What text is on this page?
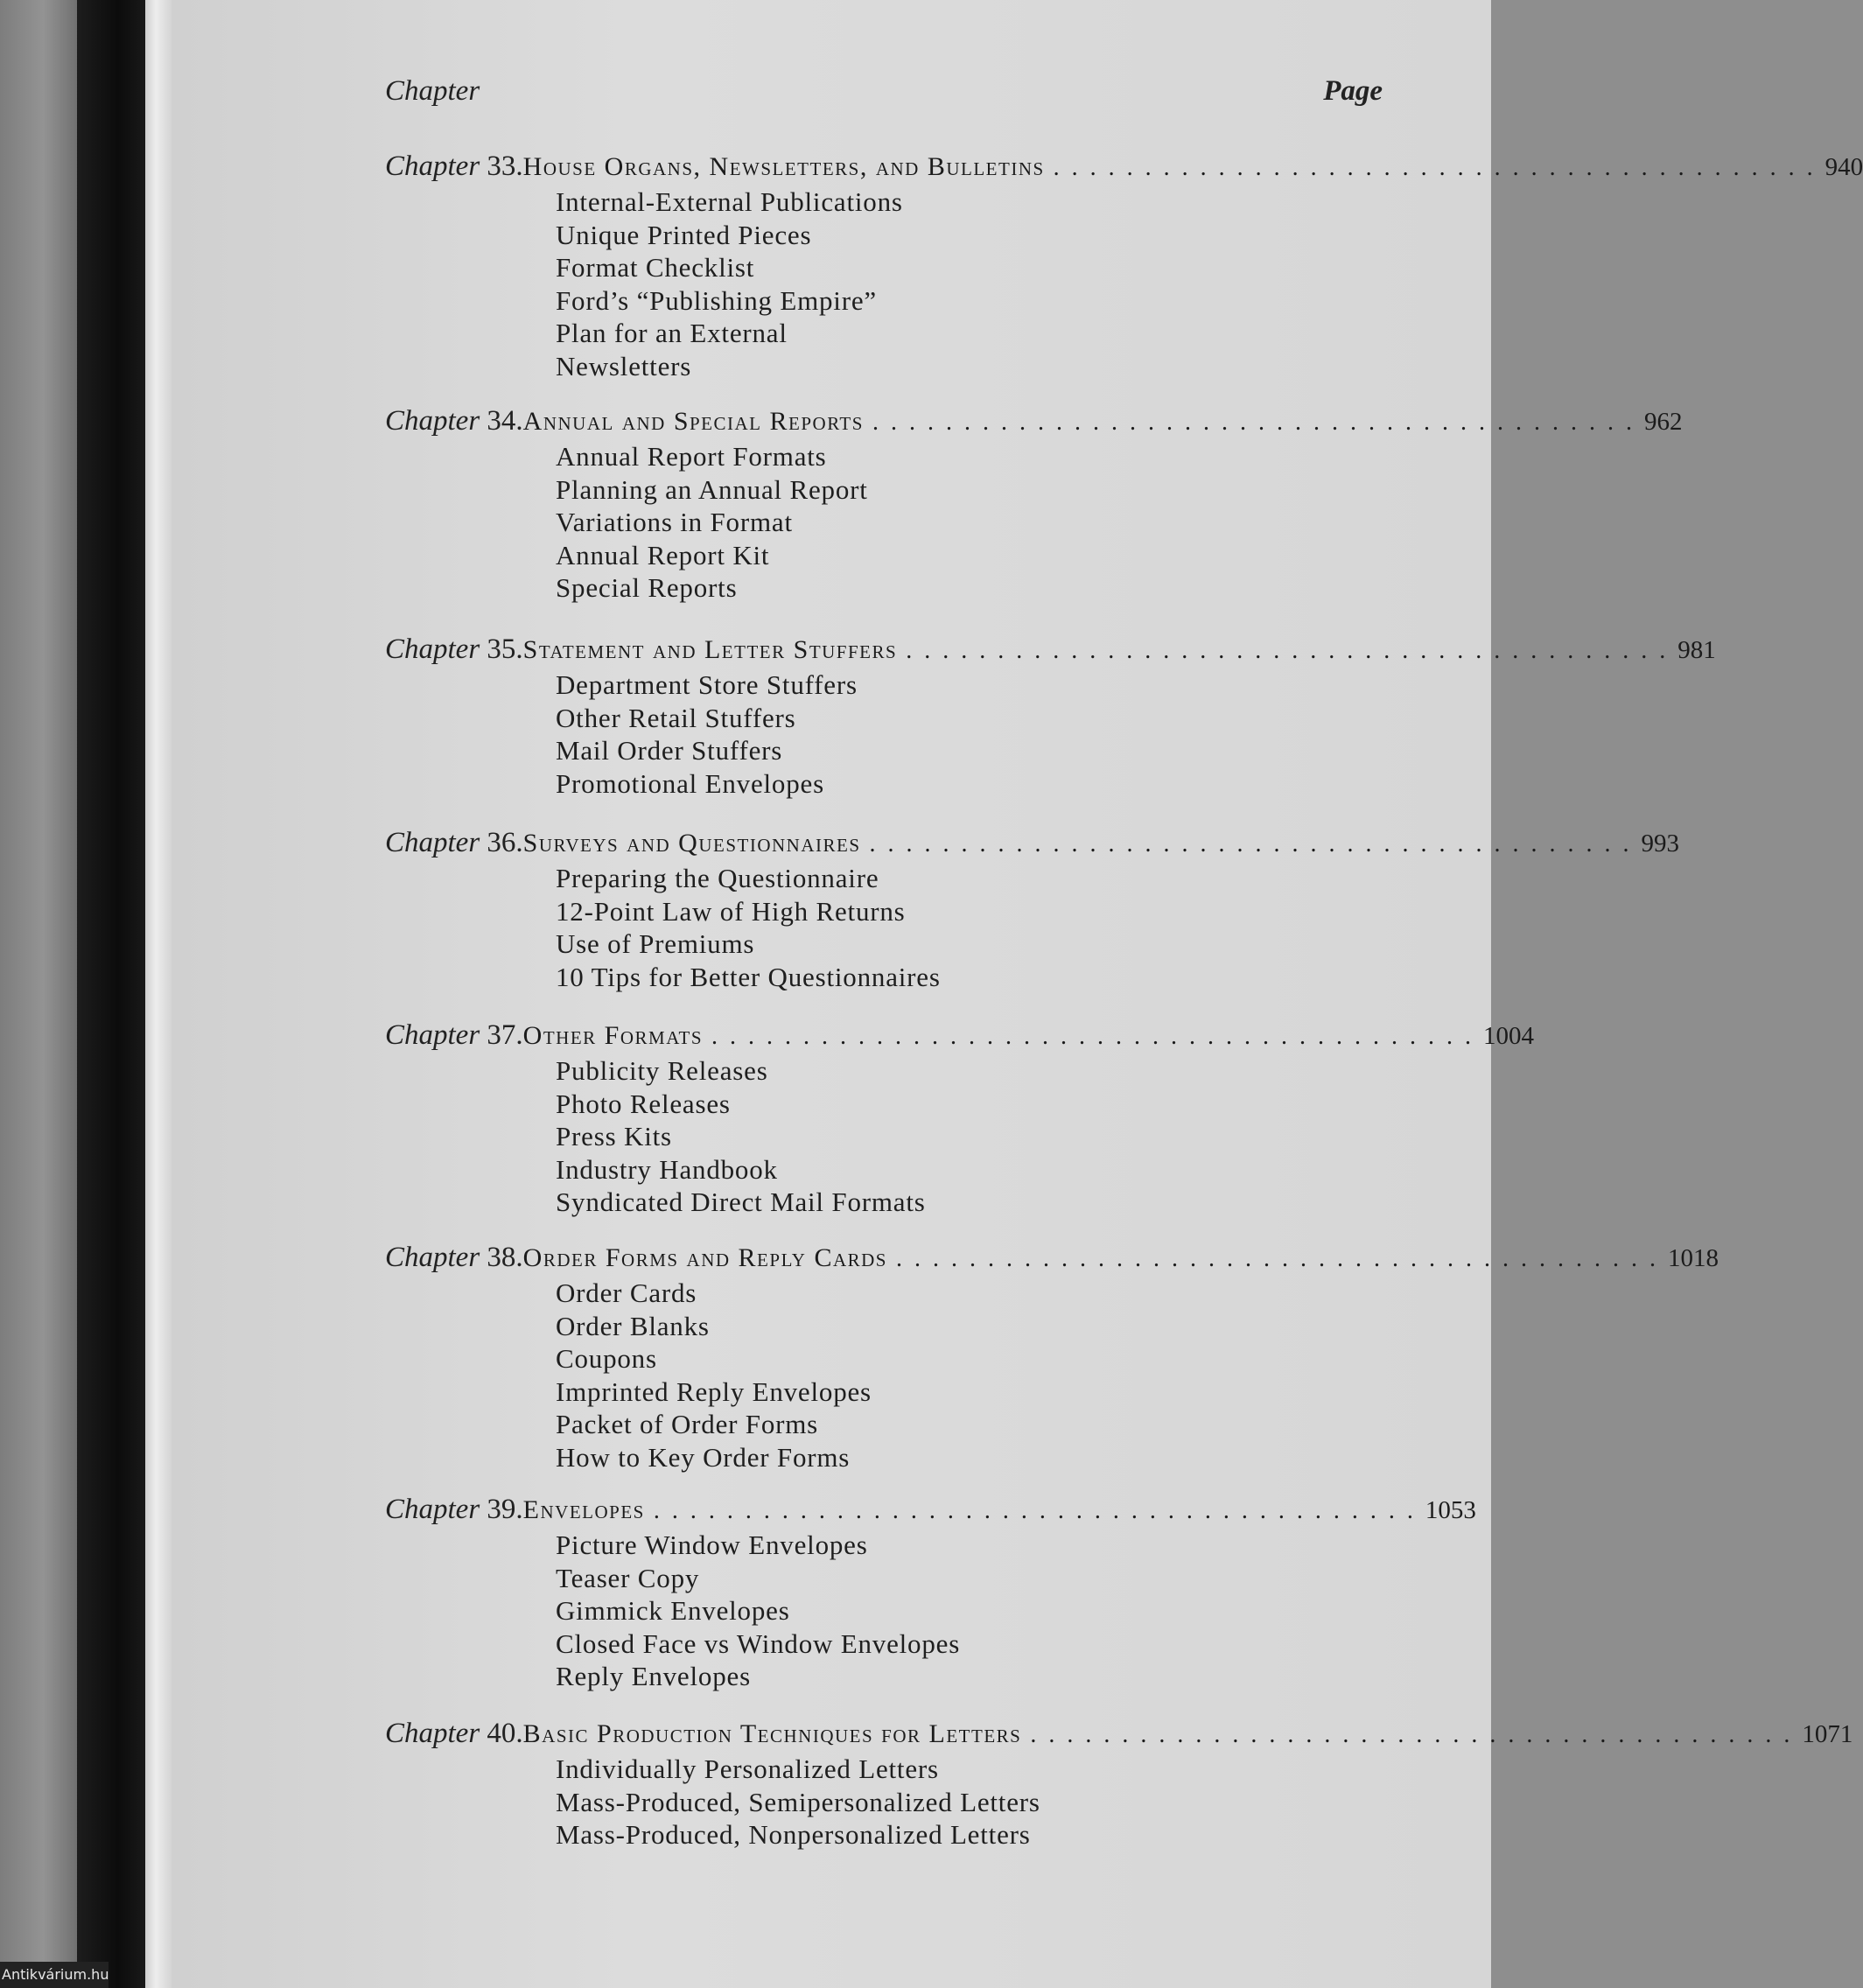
Chapter	Page
Chapter 33. House Organs, Newsletters, and Bulletins .......................................... 940
Internal-External Publications
Unique Printed Pieces
Format Checklist
Ford’s “Publishing Empire”
Plan for an External
Newsletters
Chapter 34. Annual and Special Reports .......................................... 962
Annual Report Formats
Planning an Annual Report
Variations in Format
Annual Report Kit
Special Reports
Chapter 35. Statement and Letter Stuffers .......................................... 981
Department Store Stuffers
Other Retail Stuffers
Mail Order Stuffers
Promotional Envelopes
Chapter 36. Surveys and Questionnaires .......................................... 993
Preparing the Questionnaire
12-Point Law of High Returns
Use of Premiums
10 Tips for Better Questionnaires
Chapter 37. Other Formats .......................................... 1004
Publicity Releases
Photo Releases
Press Kits
Industry Handbook
Syndicated Direct Mail Formats
Chapter 38. Order Forms and Reply Cards .......................................... 1018
Order Cards
Order Blanks
Coupons
Imprinted Reply Envelopes
Packet of Order Forms
How to Key Order Forms
Chapter 39. Envelopes .......................................... 1053
Picture Window Envelopes
Teaser Copy
Gimmick Envelopes
Closed Face vs Window Envelopes
Reply Envelopes
Chapter 40. Basic Production Techniques for Letters .......................................... 1071
Individually Personalized Letters
Mass-Produced, Semipersonalized Letters
Mass-Produced, Nonpersonalized Letters
Antikvárium.hu
